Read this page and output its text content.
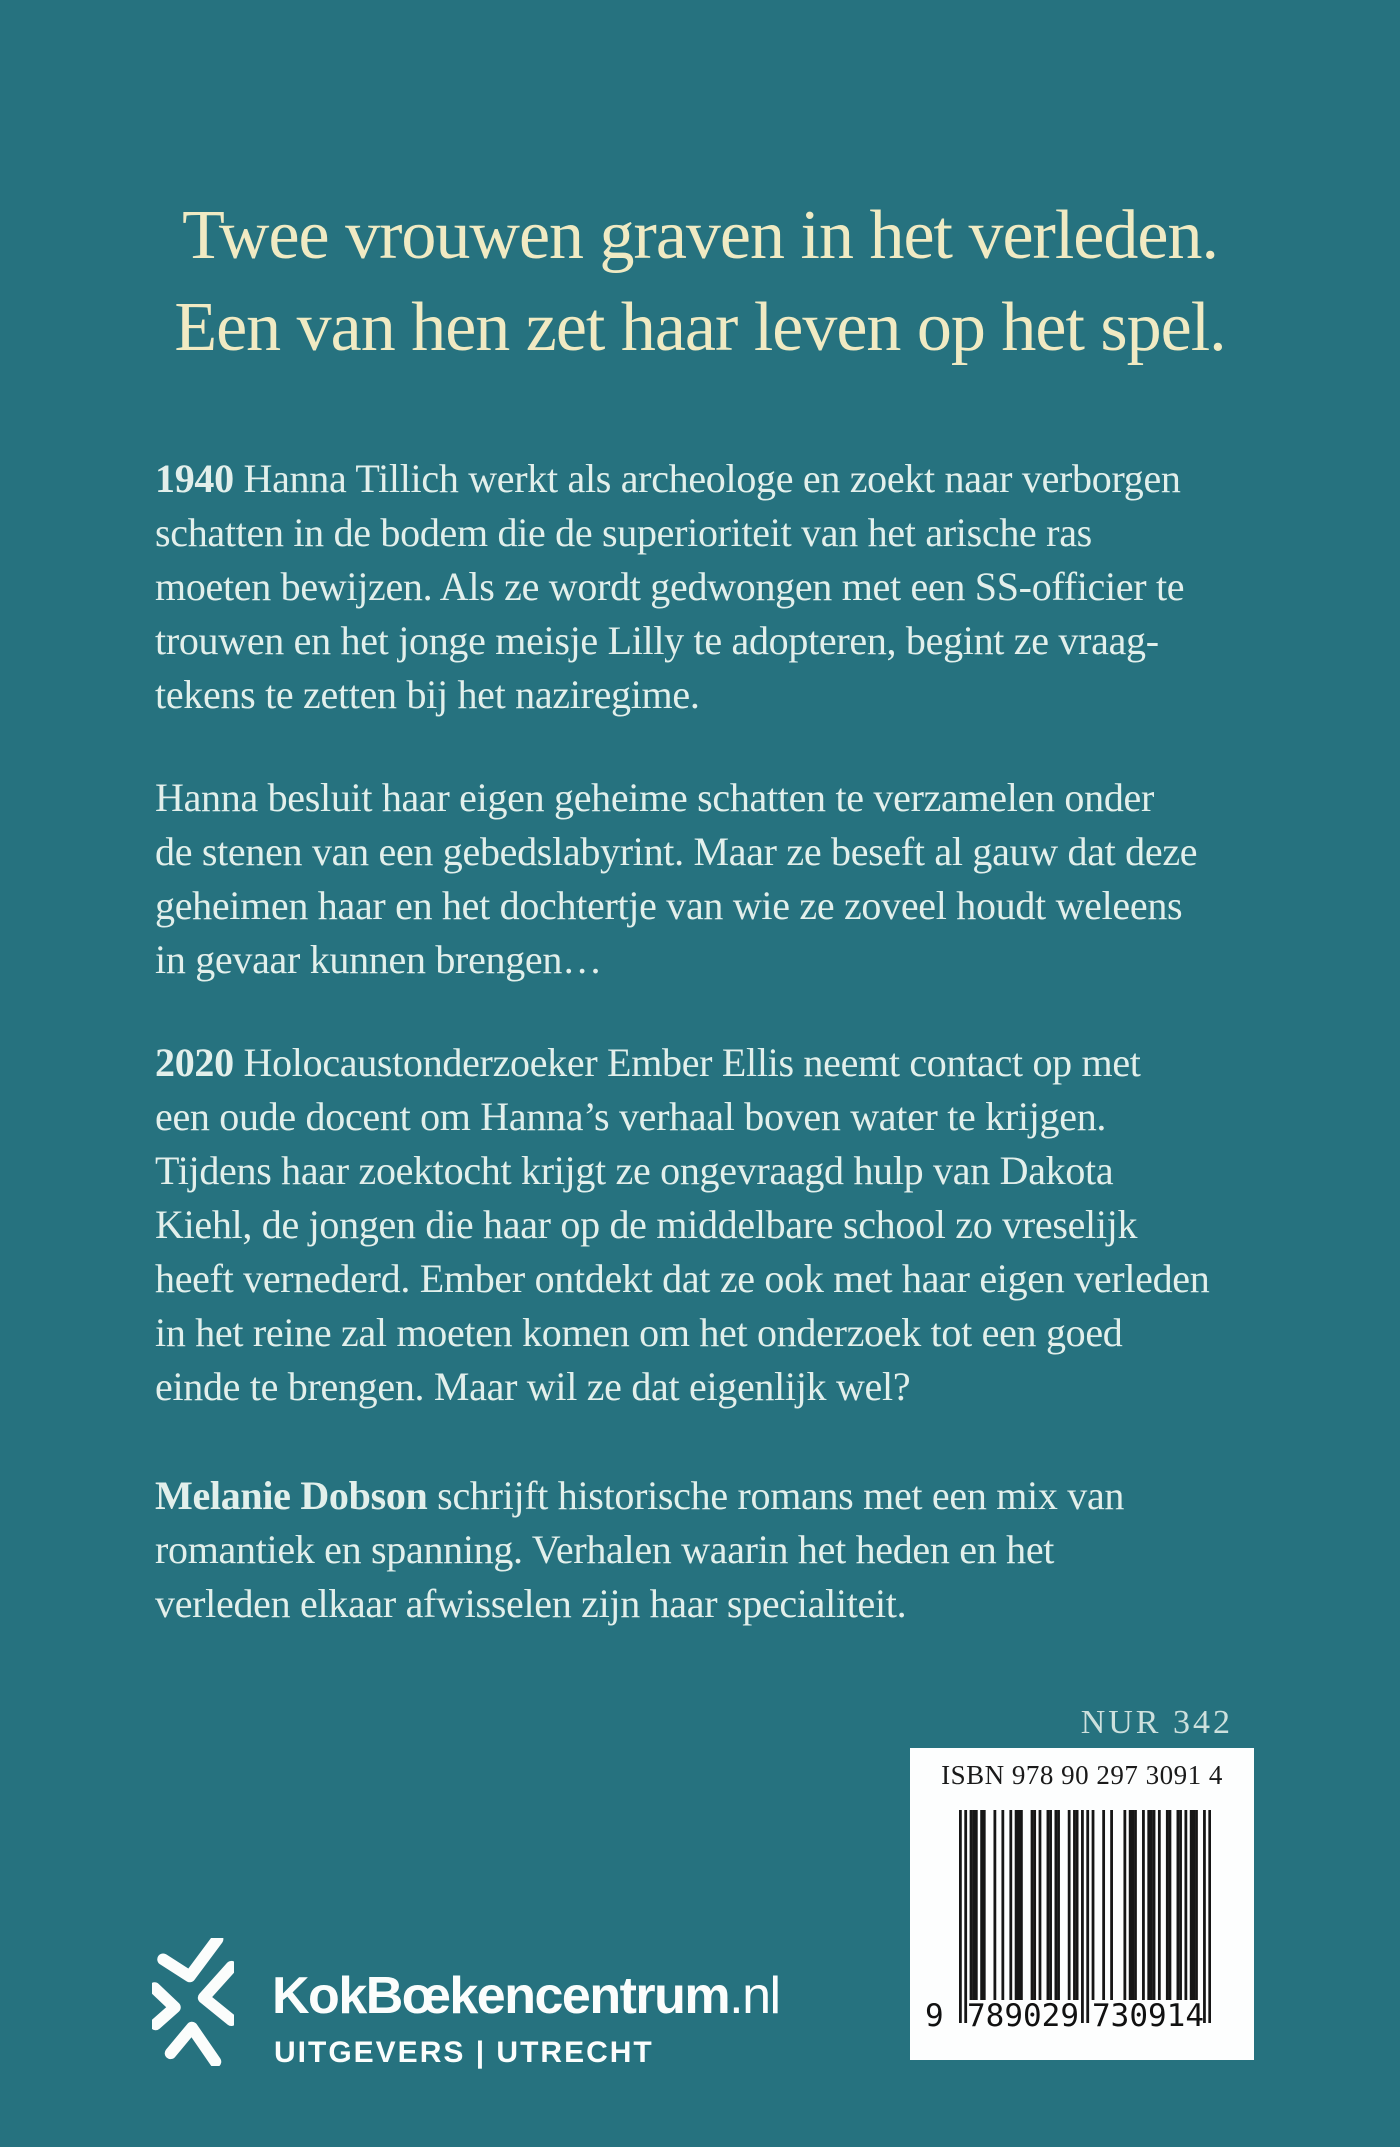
Twee vrouwen graven in het verleden.
Een van hen zet haar leven op het spel.
1940 Hanna Tillich werkt als archeologe en zoekt naar verborgen
schatten in de bodem die de superioriteit van het arische ras
moeten bewijzen. Als ze wordt gedwongen met een SS-officier te
trouwen en het jonge meisje Lilly te adopteren, begint ze vraag-
tekens te zetten bij het naziregime.
Hanna besluit haar eigen geheime schatten te verzamelen onder
de stenen van een gebedslabyrint. Maar ze beseft al gauw dat deze
geheimen haar en het dochtertje van wie ze zoveel houdt weleens
in gevaar kunnen brengen…
2020 Holocaustonderzoeker Ember Ellis neemt contact op met
een oude docent om Hanna’s verhaal boven water te krijgen.
Tijdens haar zoektocht krijgt ze ongevraagd hulp van Dakota
Kiehl, de jongen die haar op de middelbare school zo vreselijk
heeft vernederd. Ember ontdekt dat ze ook met haar eigen verleden
in het reine zal moeten komen om het onderzoek tot een goed
einde te brengen. Maar wil ze dat eigenlijk wel?
Melanie Dobson schrijft historische romans met een mix van
romantiek en spanning. Verhalen waarin het heden en het
verleden elkaar afwisselen zijn haar specialiteit.
NUR 342
ISBN 978 90 297 3091 4
9 789029 730914
KokBœkencentrum.nl
UITGEVERS | UTRECHT
